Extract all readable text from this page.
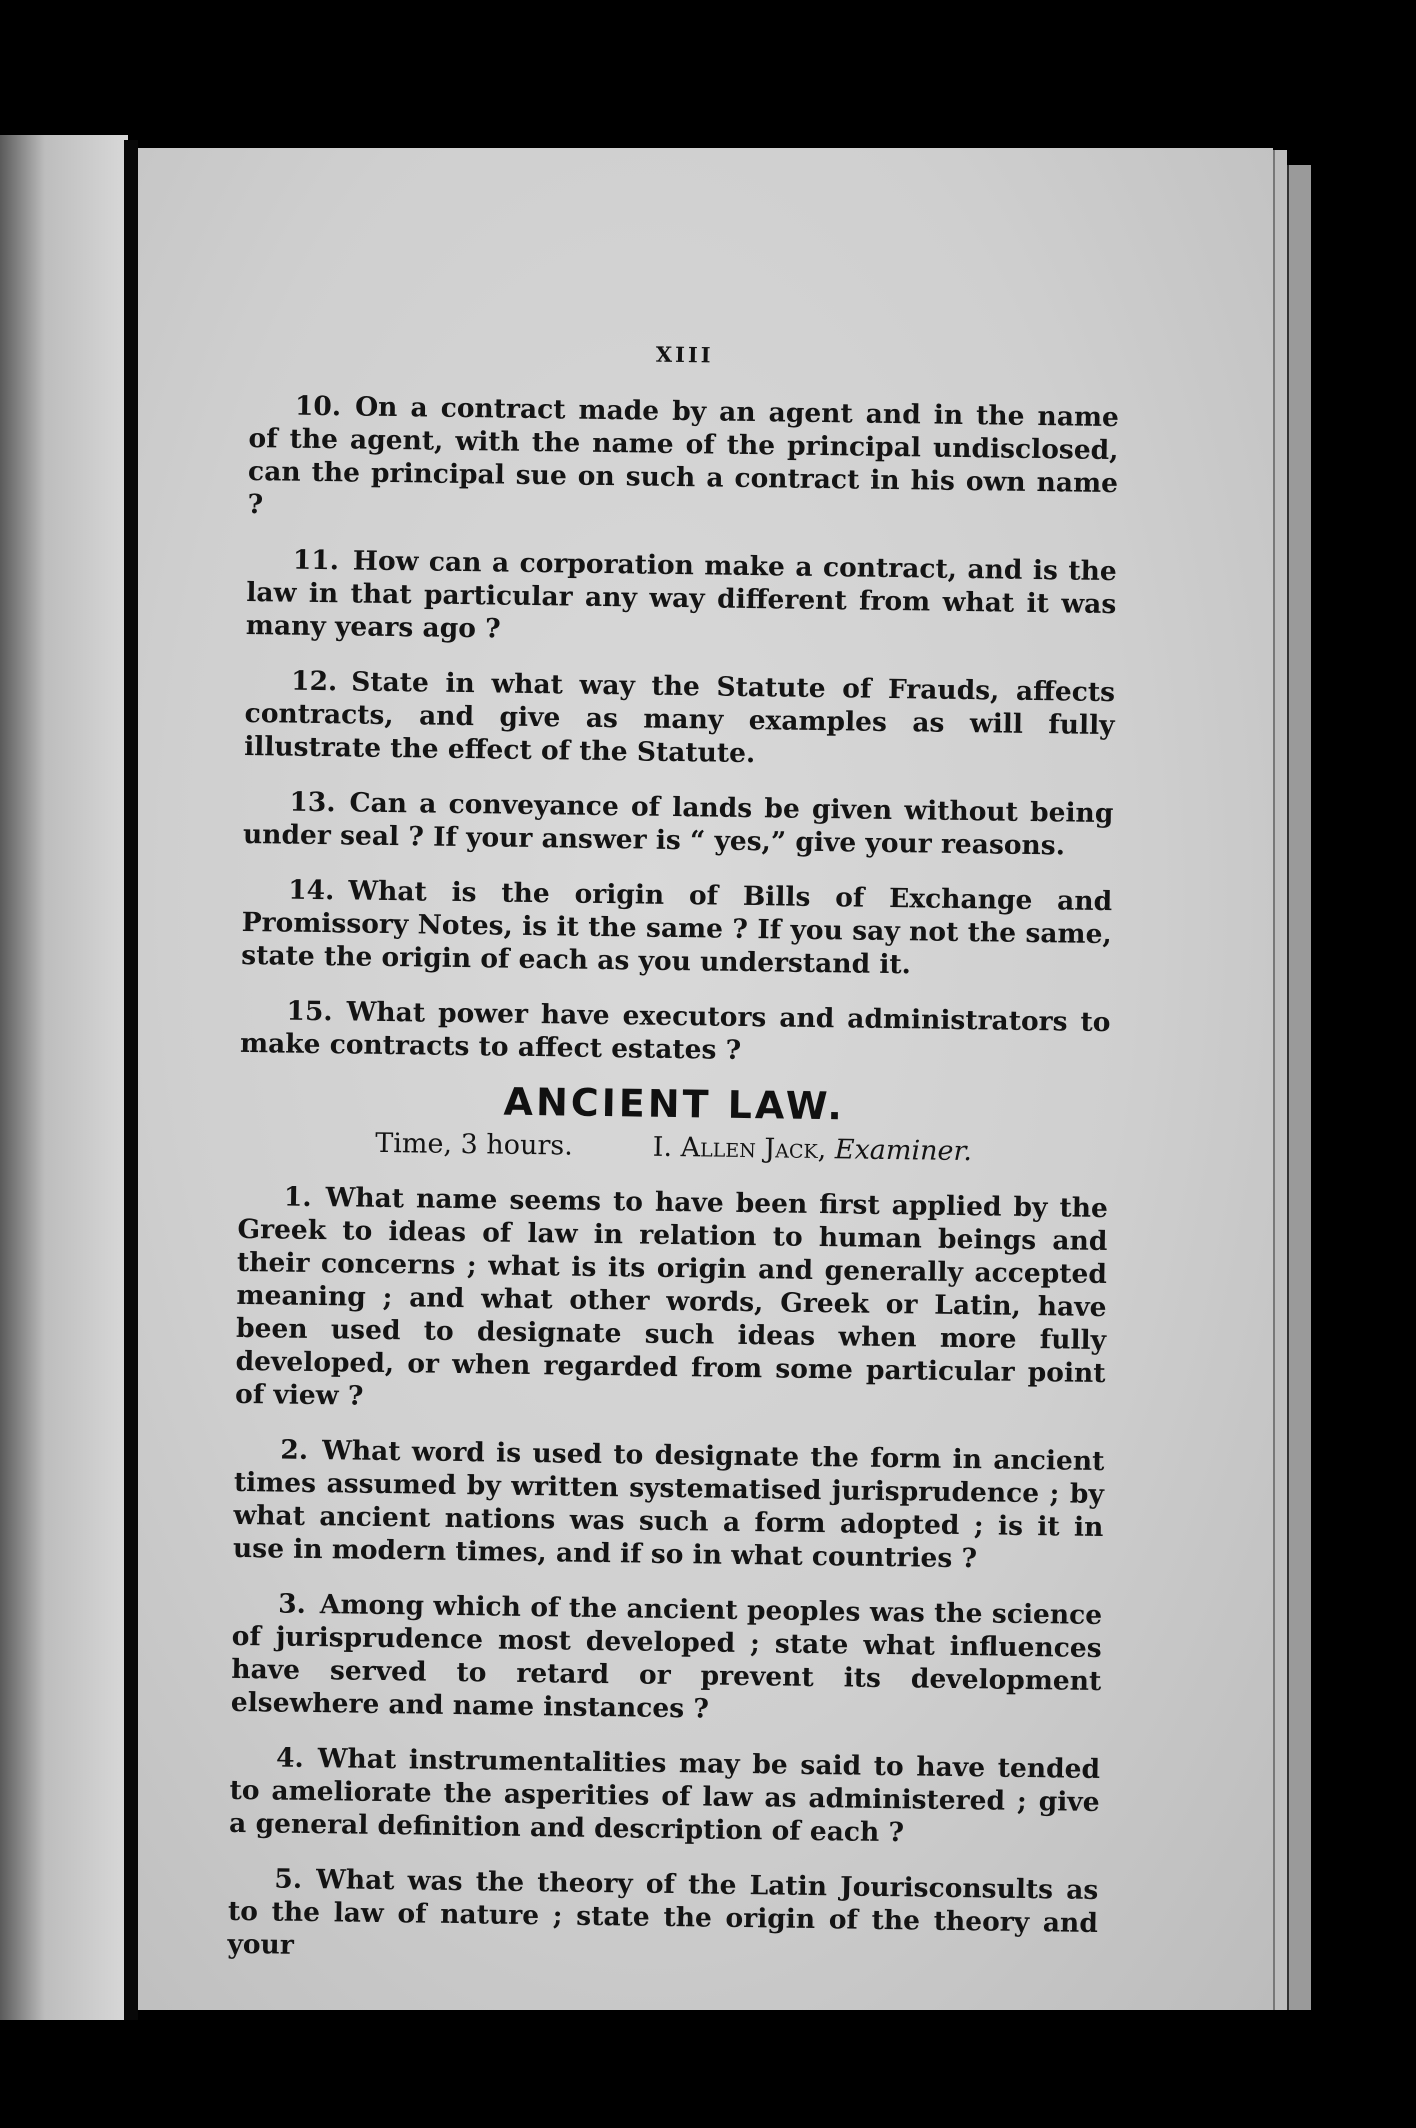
XIII

10. On a contract made by an agent and in the name of the agent, with the name of the principal undisclosed, can the principal sue on such a contract in his own name ?

11. How can a corporation make a contract, and is the law in that particular any way different from what it was many years ago ?

12. State in what way the Statute of Frauds, affects contracts, and give as many examples as will fully illustrate the effect of the Statute.

13. Can a conveyance of lands be given without being under seal ? If your answer is “ yes,” give your reasons.

14. What is the origin of Bills of Exchange and Promissory Notes, is it the same ? If you say not the same, state the origin of each as you understand it.

15. What power have executors and administrators to make contracts to affect estates ?

ANCIENT LAW.
Time, 3 hours.	I. Allen Jack, Examiner.

1. What name seems to have been first applied by the Greek to ideas of law in relation to human beings and their concerns ; what is its origin and generally accepted meaning ; and what other words, Greek or Latin, have been used to designate such ideas when more fully developed, or when regarded from some particular point of view ?

2. What word is used to designate the form in ancient times assumed by written systematised jurisprudence ; by what ancient nations was such a form adopted ; is it in use in modern times, and if so in what countries ?

3. Among which of the ancient peoples was the science of jurisprudence most developed ; state what influences have served to retard or prevent its development elsewhere and name instances ?

4. What instrumentalities may be said to have tended to ameliorate the asperities of law as administered ; give a general definition and description of each ?

5. What was the theory of the Latin Jourisconsults as to the law of nature ; state the origin of the theory and your
